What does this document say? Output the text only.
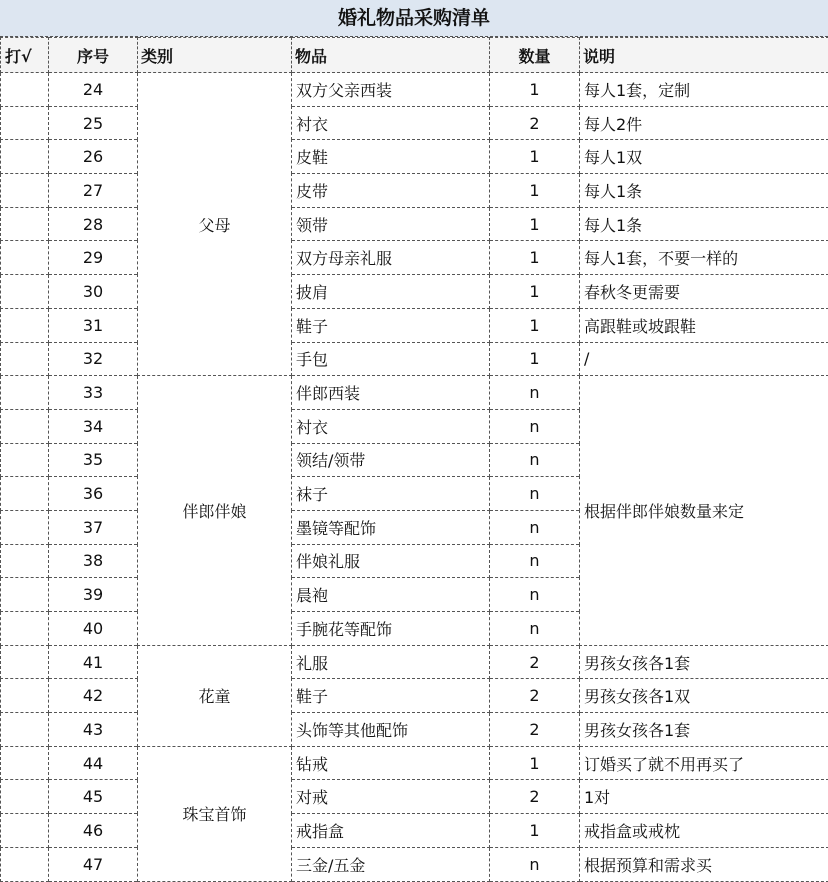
婚礼物品采购清单
打√	序号	类别	物品	数量	说明
	24	父母	双方父亲西装	1	每人1套，定制
	25		衬衣	2	每人2件
	26		皮鞋	1	每人1双
	27		皮带	1	每人1条
	28		领带	1	每人1条
	29		双方母亲礼服	1	每人1套，不要一样的
	30		披肩	1	春秋冬更需要
	31		鞋子	1	高跟鞋或坡跟鞋
	32		手包	1	/
	33	伴郎伴娘	伴郎西装	n	根据伴郎伴娘数量来定
	34		衬衣	n	
	35		领结/领带	n	
	36		袜子	n	
	37		墨镜等配饰	n	
	38		伴娘礼服	n	
	39		晨袍	n	
	40		手腕花等配饰	n	
	41	花童	礼服	2	男孩女孩各1套
	42		鞋子	2	男孩女孩各1双
	43		头饰等其他配饰	2	男孩女孩各1套
	44	珠宝首饰	钻戒	1	订婚买了就不用再买了
	45		对戒	2	1对
	46		戒指盒	1	戒指盒或戒枕
	47		三金/五金	n	根据预算和需求买
